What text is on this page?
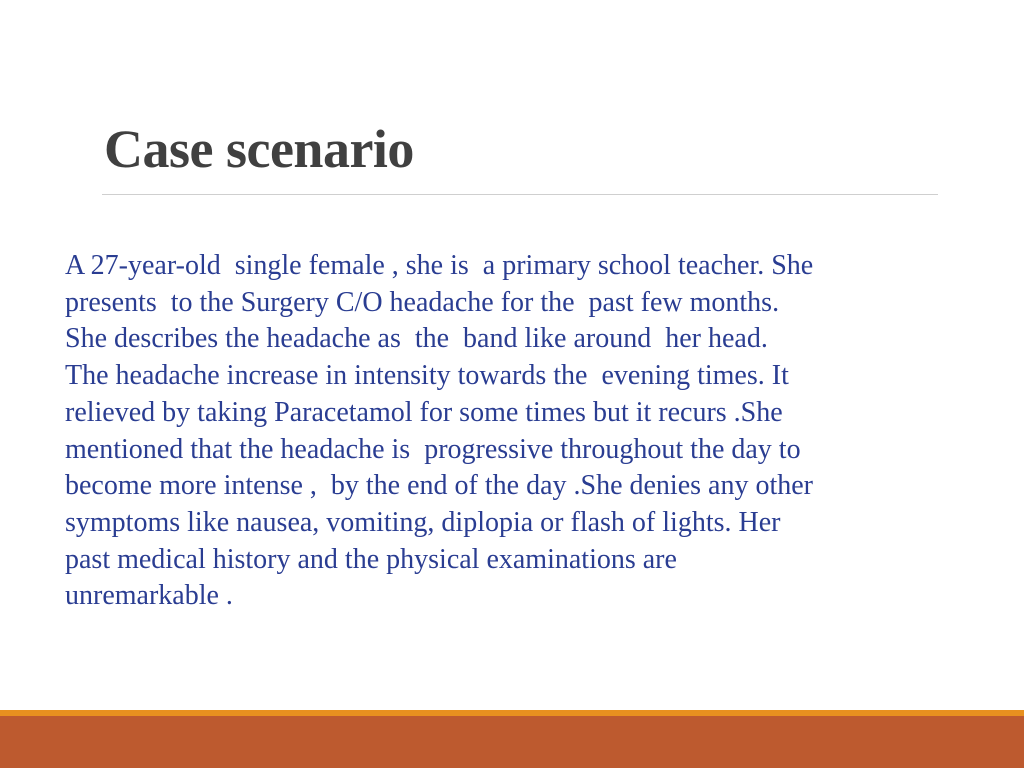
Case scenario
A 27-year-old  single female , she is  a primary school teacher. She
presents  to the Surgery C/O headache for the  past few months.
She describes the headache as  the  band like around  her head.
The headache increase in intensity towards the  evening times. It
relieved by taking Paracetamol for some times but it recurs .She
mentioned that the headache is  progressive throughout the day to
become more intense ,  by the end of the day .She denies any other
symptoms like nausea, vomiting, diplopia or flash of lights. Her
past medical history and the physical examinations are
unremarkable .
